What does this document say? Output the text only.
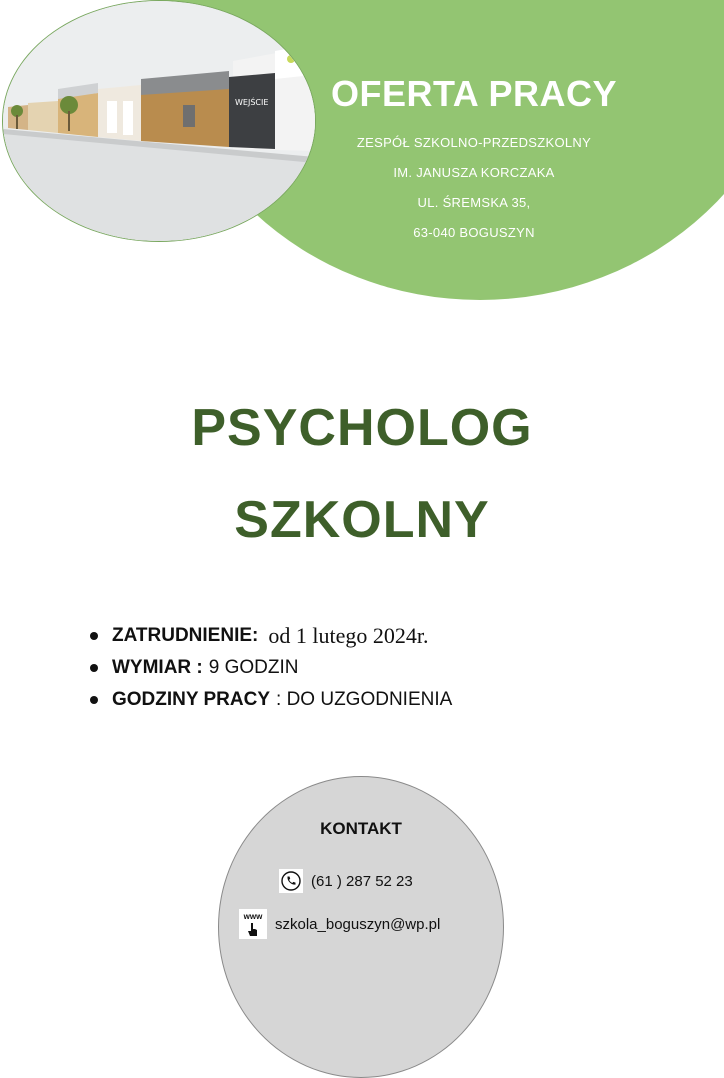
WEJŚCIE	OFERTA PRACY
ZESPÓŁ SZKOLNO-PRZEDSZKOLNY
IM. JANUSZA KORCZAKA
UL. ŚREMSKA 35,
63-040 BOGUSZYN
PSYCHOLOG
SZKOLNY
ZATRUDNIENIE: od 1 lutego 2024r.
WYMIAR : 9 GODZIN
GODZINY PRACY : DO UZGODNIENIA
KONTAKT
(61 ) 287 52 23
www szkola_boguszyn@wp.pl
